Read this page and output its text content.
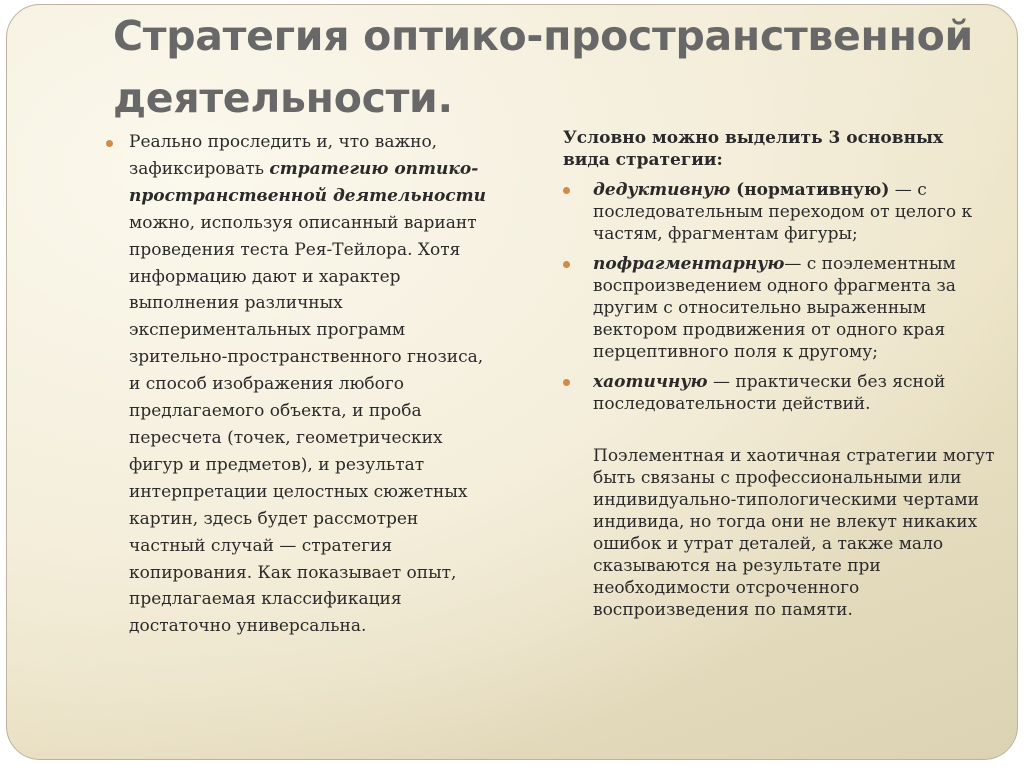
Стратегия оптико-пространственной деятельности.
Реально проследить и, что важно, зафиксировать стратегию оптико-пространственной деятельности можно, используя описанный вариант проведения теста Рея-Тейлора. Хотя информацию дают и характер выполнения различных экспериментальных программ зрительно-пространственного гнозиса, и способ изображения любого предлагаемого объекта, и проба пересчета (точек, геометрических фигур и предметов), и результат интерпретации целостных сюжетных картин, здесь будет рассмотрен частный случай — стратегия копирования. Как показывает опыт, предлагаемая классификация достаточно универсальна.
Условно можно выделить 3 основных вида стратегии:
дедуктивную (нормативную) — с последовательным переходом от целого к частям, фрагментам фигуры;
пофрагментарную— с поэлементным воспроизведением одного фрагмента за другим с относительно выраженным вектором продвижения от одного края перцептивного поля к другому;
хаотичную — практически без ясной последовательности действий.
Поэлементная и хаотичная стратегии могут быть связаны с профессиональными или индивидуально-типологическими чертами индивида, но тогда они не влекут никаких ошибок и утрат деталей, а также мало сказываются на результате при необходимости отсроченного воспроизведения по памяти.
